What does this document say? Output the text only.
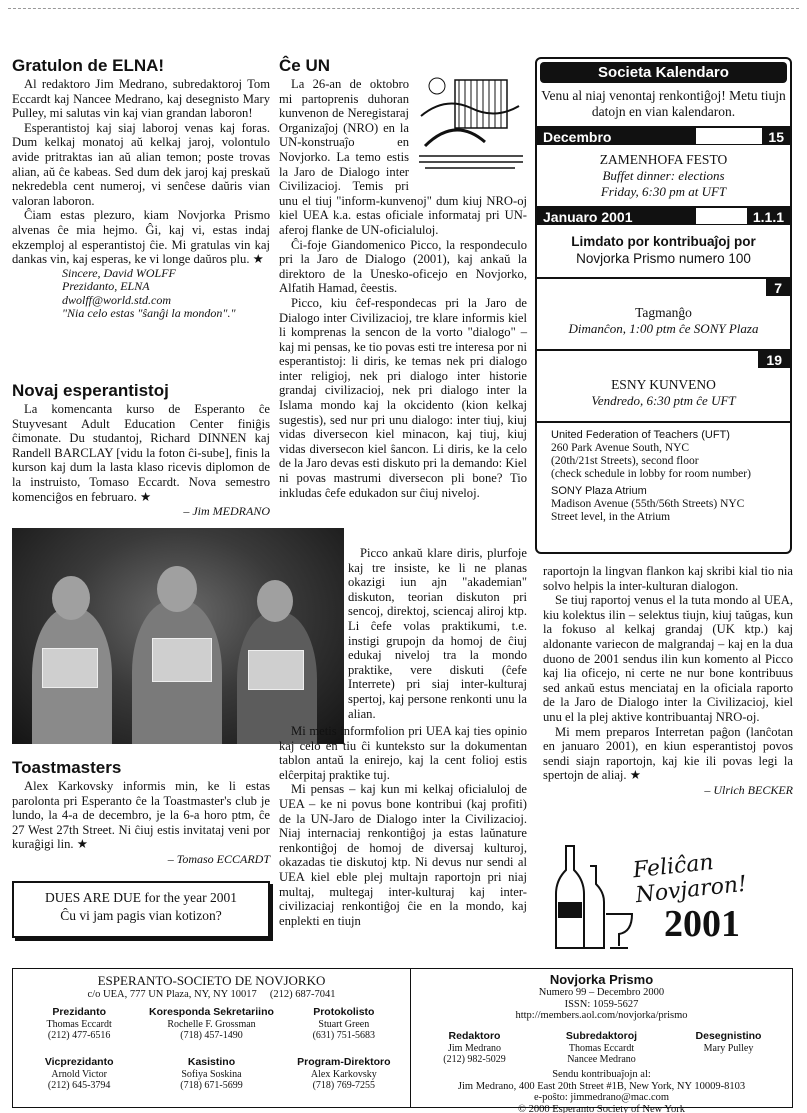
Gratulon de ELNA!

Al redaktoro Jim Medrano, subredaktoroj Tom Eccardt kaj Nancee Medrano, kaj desegnisto Mary Pulley, mi salutas vin kaj vian grandan laboron!

Esperantistoj kaj siaj laboroj venas kaj foras. Dum kelkaj monatoj aŭ kelkaj jaroj, volontulo avide pritraktas ian aŭ alian temon; poste trovas alian, aŭ ĉe kabeas. Sed dum dek jaroj kaj preskaŭ nekredebla cent numeroj, vi senĉese daŭris vian valoran laboron.

Ĉiam estas plezuro, kiam Novjorka Prismo alvenas ĉe mia hejmo. Ĝi, kaj vi, estas indaj ekzemploj al esperantistoj ĉie. Mi gratulas vin kaj dankas vin, kaj esperas, ke vi longe daŭros plu. ★

Sincere, David WOLFF
Prezidanto, ELNA
dwolff@world.std.com
"Nia celo estas "ŝanĝi la mondon"."
Novaj esperantistoj

La komencanta kurso de Esperanto ĉe Stuyvesant Adult Education Center finiĝis ĉimonate. Du studantoj, Richard DINNEN kaj Randell BARCLAY [vidu la foton ĉi-sube], finis la kurson kaj dum la lasta klaso ricevis diplomon de la instruisto, Tomaso Eccardt. Nova semestro komenciĝos en februaro. ★

– Jim MEDRANO
Toastmasters

Alex Karkovsky informis min, ke li estas parolonta pri Esperanto ĉe la Toastmaster's club je lundo, la 4-a de decembro, je la 6-a horo ptm, ĉe 27 West 27th Street. Ni ĉiuj estis invitataj veni por kuraĝigi lin. ★

– Tomaso ECCARDT
DUES ARE DUE for the year 2001
Ĉu vi jam pagis vian kotizon?
Ĉe UN

La 26-an de oktobro mi partoprenis duhoran kunvenon de Neregistaraj Organizaĵoj (NRO) en la UN-konstruaĵo en Novjorko. La temo estis la Jaro de Dialogo inter Civilizacioj. Temis pri unu el tiuj "inform-kunvenoj" dum kiuj NRO-oj kiel UEA k.a. estas oficiale informataj pri UN-aferoj flanke de UN-oficialuloj.

Ĉi-foje Giandomenico Picco, la respondeculo pri la Jaro de Dialogo (2001), kaj ankaŭ la direktoro de la Unesko-oficejo en Novjorko, Alfatih Hamad, ĉeestis.

Picco, kiu ĉef-respondecas pri la Jaro de Dialogo inter Civilizacioj, tre klare informis kiel li komprenas la sencon de la vorto "dialogo" – kaj mi pensas, ke tio povas esti tre interesa por ni esperantistoj: li diris, ke temas nek pri dialogo inter religioj, nek pri dialogo inter historie grandaj civilizacioj, nek pri dialogo inter la Islama mondo kaj la okcidento (kion kelkaj sugestis), sed nur pri unu dialogo: inter tiuj, kiuj vidas diversecon kiel minacon, kaj tiuj, kiuj vidas diversecon kiel ŝancon. Li diris, ke la celo de la Jaro devas esti diskuto pri la demando: Kiel ni povas mastrumi diversecon pli bone? Tio inkludas ĉefe edukadon sur ĉiuj niveloj.

Picco ankaŭ klare diris, plurfoje kaj tre insiste, ke li ne planas okazigi iun ajn "akademian" diskuton, teorian diskuton pri sencoj, direktoj, sciencaj aliroj ktp. Li ĉefe volas praktikumi, t.e. instigi grupojn da homoj de ĉiuj edukaj niveloj tra la mondo praktike, vere diskuti (ĉefe Interrete) pri siaj inter-kulturaj spertoj, kaj persone renkonti unu la alian.

Mi metis informfolion pri UEA kaj ties opinio kaj celo en tiu ĉi kunteksto sur la dokumentan tablon antaŭ la enirejo, kaj la cent folioj estis elĉerpitaj praktike tuj.

Mi pensas – kaj kun mi kelkaj oficialuloj de UEA – ke ni povus bone kontribui (kaj profiti) de la UN-Jaro de Dialogo inter la Civilizacioj. Niaj internaciaj renkontiĝoj ja estas laŭnature renkontiĝoj de homoj de diversaj kulturoj, okazadas tie diskutoj ktp. Ni devus nur sendi al UEA kiel eble plej multajn raportojn pri niaj multaj, multegaj inter-kulturaj kaj inter-civilizaciaj renkontiĝoj ĉie en la mondo, kaj enplekti en tiujn

Societa Kalendaro
Venu al niaj venontaj renkontiĝoj! Metu tiujn datojn en vian kalendaron.
Decembro	15
ZAMENHOFA FESTO
Buffet dinner: elections
Friday, 6:30 pm at UFT
Januaro 2001	1.1.1
Limdato por kontribuaĵoj por
Novjorka Prismo numero 100
7
Tagmanĝo
Dimanĉon, 1:00 ptm ĉe SONY Plaza
19
ESNY KUNVENO
Vendredo, 6:30 ptm ĉe UFT
United Federation of Teachers (UFT)
260 Park Avenue South, NYC
(20th/21st Streets), second floor
(check schedule in lobby for room number)
SONY Plaza Atrium
Madison Avenue (55th/56th Streets) NYC
Street level, in the Atrium

raportojn la lingvan flankon kaj skribi kial tio nia solvo helpis la inter-kulturan dialogon.

Se tiuj raportoj venus el la tuta mondo al UEA, kiu kolektus ilin – selektus tiujn, kiuj taŭgas, kun la fokuso al kelkaj grandaj (UK ktp.) kaj aldonante variecon de malgrandaj – kaj en la dua duono de 2001 sendus ilin kun komento al Picco kaj lia oficejo, ni certe ne nur bone kontribuus sed ankaŭ estus menciataj en la oficiala raporto de la Jaro de Dialogo inter la Civilizacioj, kiel unu el la plej aktive kontribuantaj NRO-oj.

Mi mem preparos Interretan paĝon (lanĉotan en januaro 2001), en kiun esperantistoj povos sendi siajn raportojn, kaj kie ili povas legi la spertojn de aliaj. ★

– Ulrich BECKER
Feliĉan Novjaron!
2001
ESPERANTO-SOCIETO DE NOVJORKO
c/o UEA, 777 UN Plaza, NY, NY 10017 (212) 687-7041
Prezidanto
Thomas Eccardt
(212) 477-6516
Korespondа Sekretariino
Rochelle F. Grossman
(718) 457-1490
Protokolisto
Stuart Green
(631) 751-5683
Vicprezidanto
Arnold Victor
(212) 645-3794
Kasistino
Sofiya Soskina
(718) 671-5699
Program-Direktoro
Alex Karkovsky
(718) 769-7255
Novjorka Prismo
Numero 99 – Decembro 2000
ISSN: 1059-5627
http://members.aol.com/novjorka/prismo
Redaktoro
Jim Medrano
(212) 982-5029
Subredaktoroj
Thomas Eccardt
Nancee Medrano
Desegnistino
Mary Pulley
Sendu kontribuaĵojn al:
Jim Medrano, 400 East 20th Street #1B, New York, NY 10009-8103
e-poŝto: jimmedrano@mac.com
© 2000 Esperanto Society of New York
